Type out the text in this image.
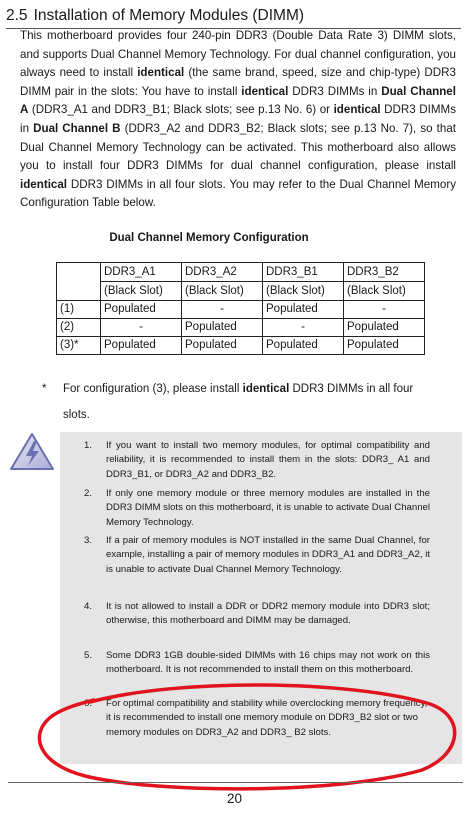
2.5 Installation of Memory Modules (DIMM)
This motherboard provides four 240-pin DDR3 (Double Data Rate 3) DIMM slots, and supports Dual Channel Memory Technology. For dual channel configuration, you always need to install identical (the same brand, speed, size and chip-type) DDR3 DIMM pair in the slots: You have to install identical DDR3 DIMMs in Dual Channel A (DDR3_A1 and DDR3_B1; Black slots; see p.13 No. 6) or identical DDR3 DIMMs in Dual Channel B (DDR3_A2 and DDR3_B2; Black slots; see p.13 No. 7), so that Dual Channel Memory Technology can be activated. This motherboard also allows you to install four DDR3 DIMMs for dual channel configuration, please install identical DDR3 DIMMs in all four slots. You may refer to the Dual Channel Memory Configuration Table below.
Dual Channel Memory Configuration
	DDR3_A1	DDR3_A2	DDR3_B1	DDR3_B2
	(Black Slot)	(Black Slot)	(Black Slot)	(Black Slot)
(1)	Populated	-	Populated	-
(2)	-	Populated	-	Populated
(3)*	Populated	Populated	Populated	Populated
* For configuration (3), please install identical DDR3 DIMMs in all four slots.
1. If you want to install two memory modules, for optimal compatibility and reliability, it is recommended to install them in the slots: DDR3_ A1 and DDR3_B1, or DDR3_A2 and DDR3_B2.
2. If only one memory module or three memory modules are installed in the DDR3 DIMM slots on this motherboard, it is unable to activate Dual Channel Memory Technology.
3. If a pair of memory modules is NOT installed in the same Dual Channel, for example, installing a pair of memory modules in DDR3_A1 and DDR3_A2, it is unable to activate Dual Channel Memory Technology.
4. It is not allowed to install a DDR or DDR2 memory module into DDR3 slot; otherwise, this motherboard and DIMM may be damaged.
5. Some DDR3 1GB double-sided DIMMs with 16 chips may not work on this motherboard. It is not recommended to install them on this motherboard.
6. For optimal compatibility and stability while overclocking memory frequency, it is recommended to install one memory module on DDR3_B2 slot or two memory modules on DDR3_A2 and DDR3_ B2 slots.
20
